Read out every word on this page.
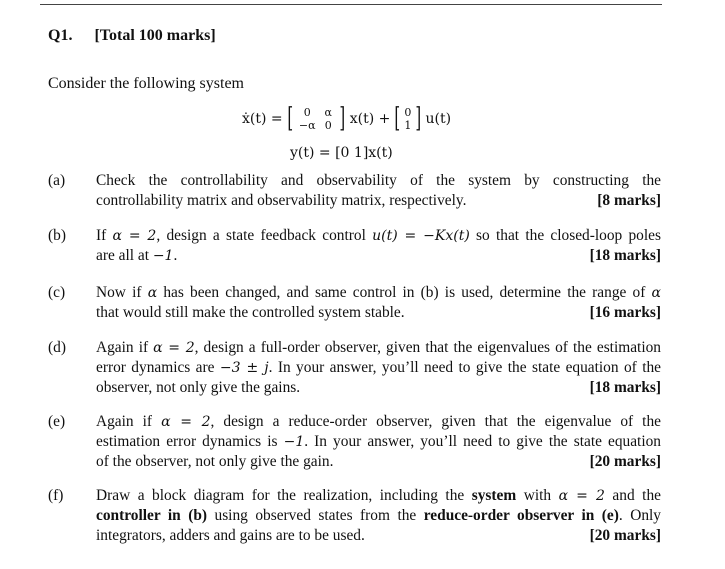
Q1. [Total 100 marks]
Consider the following system
ẋ(t) = [ 0	α
−α 0 ] x(t) + [ 0
1 ] u(t)
y(t) = [0 1]x(t)
(a)	Check the controllability and observability of the system by constructing the
controllability matrix and observability matrix, respectively.	[8 marks]
(b)	If α = 2, design a state feedback control u(t) = −Kx(t) so that the closed-loop poles
are all at −1.	[18 marks]
(c)	Now if α has been changed, and same control in (b) is used, determine the range of α
that would still make the controlled system stable.	[16 marks]
(d)	Again if α = 2, design a full-order observer, given that the eigenvalues of the estimation
error dynamics are −3 ± j. In your answer, you’ll need to give the state equation of the
observer, not only give the gains.	[18 marks]
(e)	Again if α = 2, design a reduce-order observer, given that the eigenvalue of the
estimation error dynamics is −1. In your answer, you’ll need to give the state equation
of the observer, not only give the gain.	[20 marks]
(f)	Draw a block diagram for the realization, including the system with α = 2 and the
controller in (b) using observed states from the reduce-order observer in (e). Only
integrators, adders and gains are to be used.	[20 marks]
